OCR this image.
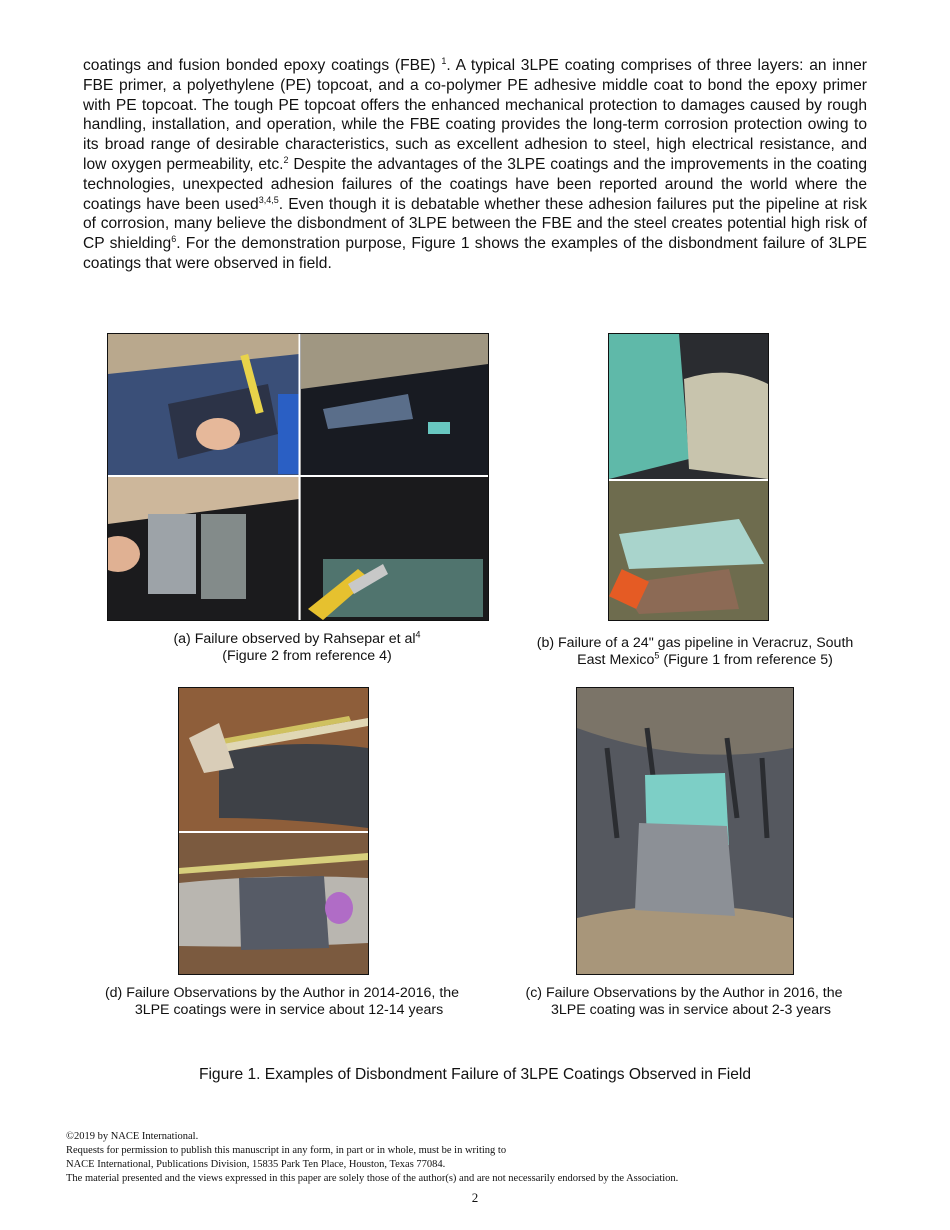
coatings and fusion bonded epoxy coatings (FBE) $^1$. A typical 3LPE coating comprises of three layers: an inner FBE primer, a polyethylene (PE) topcoat, and a co-polymer PE adhesive middle coat to bond the epoxy primer with PE topcoat. The tough PE topcoat offers the enhanced mechanical protection to damages caused by rough handling, installation, and operation, while the FBE coating provides the long-term corrosion protection owing to its broad range of desirable characteristics, such as excellent adhesion to steel, high electrical resistance, and low oxygen permeability, etc.$^2$ Despite the advantages of the 3LPE coatings and the improvements in the coating technologies, unexpected adhesion failures of the coatings have been reported around the world where the coatings have been used$^{3,4,5}$. Even though it is debatable whether these adhesion failures put the pipeline at risk of corrosion, many believe the disbondment of 3LPE between the FBE and the steel creates potential high risk of CP shielding$^6$. For the demonstration purpose, Figure 1 shows the examples of the disbondment failure of 3LPE coatings that were observed in field.

(a) Failure observed by Rahsepar et $al^4$
(Figure 2 from reference 4)

(b) Failure of a 24" gas pipeline in Veracruz, South
East Mexico$^5$ (Figure 1 from reference 5)

(d) Failure Observations by the Author in 2014-2016, the
3LPE coatings were in service about 12-14 years

(c) Failure Observations by the Author in 2016, the
3LPE coating was in service about 2-3 years

Figure 1. Examples of Disbondment Failure of 3LPE Coatings Observed in Field

©2019 by NACE International.
Requests for permission to publish this manuscript in any form, in part or in whole, must be in writing to
NACE International, Publications Division, 15835 Park Ten Place, Houston, Texas 77084.
The material presented and the views expressed in this paper are solely those of the author(s) and are not necessarily endorsed by the Association.

2
